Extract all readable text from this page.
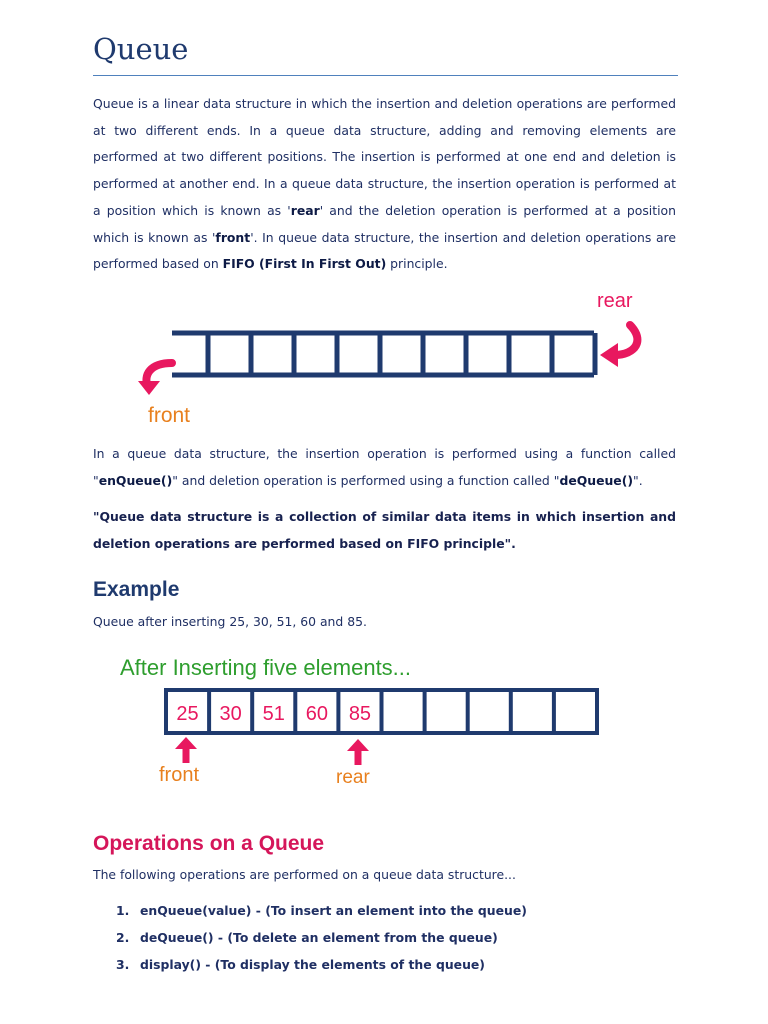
Queue

Queue is a linear data structure in which the insertion and deletion operations are performed at two different ends. In a queue data structure, adding and removing elements are performed at two different positions. The insertion is performed at one end and deletion is performed at another end. In a queue data structure, the insertion operation is performed at a position which is known as 'rear' and the deletion operation is performed at a position which is known as 'front'. In queue data structure, the insertion and deletion operations are performed based on FIFO (First In First Out) principle.

rear
front

In a queue data structure, the insertion operation is performed using a function called "enQueue()" and deletion operation is performed using a function called "deQueue()".

"Queue data structure is a collection of similar data items in which insertion and deletion operations are performed based on FIFO principle".

Example

Queue after inserting 25, 30, 51, 60 and 85.

After Inserting five elements...
25 30 51 60 85
front	rear
Operations on a Queue

The following operations are performed on a queue data structure...

1. enQueue(value) - (To insert an element into the queue)
2. deQueue() - (To delete an element from the queue)
3. display() - (To display the elements of the queue)
